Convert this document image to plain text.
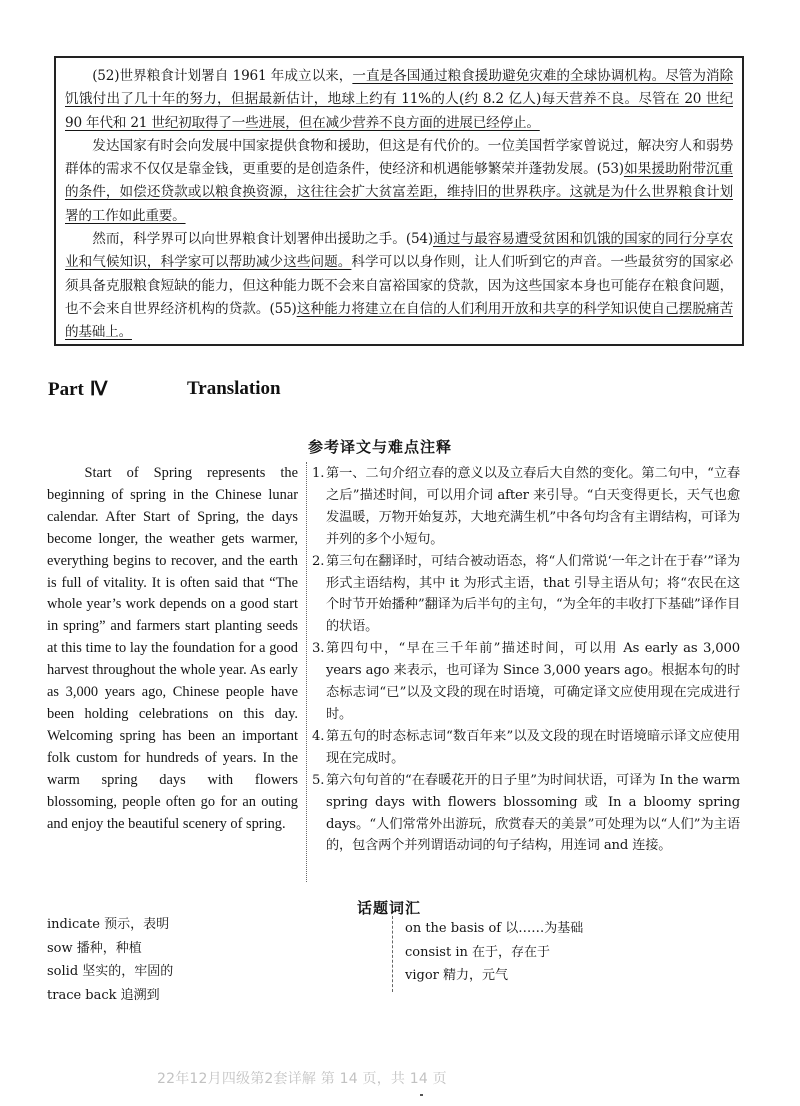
(52)世界粮食计划署自 1961 年成立以来，一直是各国通过粮食援助避免灾难的全球协调机构。尽管为消除饥饿付出了几十年的努力，但据最新估计，地球上约有 11%的人(约 8.2 亿人)每天营养不良。尽管在 20 世纪 90 年代和 21 世纪初取得了一些进展，但在减少营养不良方面的进展已经停止。

发达国家有时会向发展中国家提供食物和援助，但这是有代价的。一位美国哲学家曾说过，解决穷人和弱势群体的需求不仅仅是靠金钱，更重要的是创造条件，使经济和机遇能够繁荣并蓬勃发展。(53)如果援助附带沉重的条件，如偿还贷款或以粮食换资源，这往往会扩大贫富差距，维持旧的世界秩序。这就是为什么世界粮食计划署的工作如此重要。

然而，科学界可以向世界粮食计划署伸出援助之手。(54)通过与最容易遭受贫困和饥饿的国家的同行分享农业和气候知识，科学家可以帮助减少这些问题。科学可以以身作则，让人们听到它的声音。一些最贫穷的国家必须具备克服粮食短缺的能力，但这种能力既不会来自富裕国家的贷款，因为这些国家本身也可能存在粮食问题，也不会来自世界经济机构的贷款。(55)这种能力将建立在自信的人们利用开放和共享的科学知识使自己摆脱痛苦的基础上。

Part Ⅳ	Translation
参考译文与难点注释

Start of Spring represents the beginning of spring in the Chinese lunar calendar. After Start of Spring, the days become longer, the weather gets warmer, everything begins to recover, and the earth is full of vitality. It is often said that “The whole year’s work depends on a good start in spring” and farmers start planting seeds at this time to lay the foundation for a good harvest throughout the whole year. As early as 3,000 years ago, Chinese people have been holding celebrations on this day. Welcoming spring has been an important folk custom for hundreds of years. In the warm spring days with flowers blossoming, people often go for an outing and enjoy the beautiful scenery of spring.

1. 第一、二句介绍立春的意义以及立春后大自然的变化。第二句中，“立春之后”描述时间，可以用介词 after 来引导。“白天变得更长，天气也愈发温暖，万物开始复苏，大地充满生机”中各句均含有主谓结构，可译为并列的多个小短句。
2. 第三句在翻译时，可结合被动语态，将“人们常说‘一年之计在于春’”译为形式主语结构，其中 it 为形式主语，that 引导主语从句；将“农民在这个时节开始播种”翻译为后半句的主句，“为全年的丰收打下基础”译作目的状语。
3. 第四句中，“早在三千年前”描述时间，可以用 As early as 3,000 years ago 来表示，也可译为 Since 3,000 years ago。根据本句的时态标志词“已”以及文段的现在时语境，可确定译文应使用现在完成进行时。
4. 第五句的时态标志词“数百年来”以及文段的现在时语境暗示译文应使用现在完成时。
5. 第六句句首的“在春暖花开的日子里”为时间状语，可译为 In the warm spring days with flowers blossoming 或 In a bloomy spring days。“人们常常外出游玩，欣赏春天的美景”可处理为以“人们”为主语的，包含两个并列谓语动词的句子结构，用连词 and 连接。
话题词汇
indicate 预示，表明
sow 播种，种植
solid 坚实的，牢固的
trace back 追溯到
on the basis of 以……为基础
consist in 在于，存在于
vigor 精力，元气
22年12月四级第2套详解 第 14 页，共 14 页
